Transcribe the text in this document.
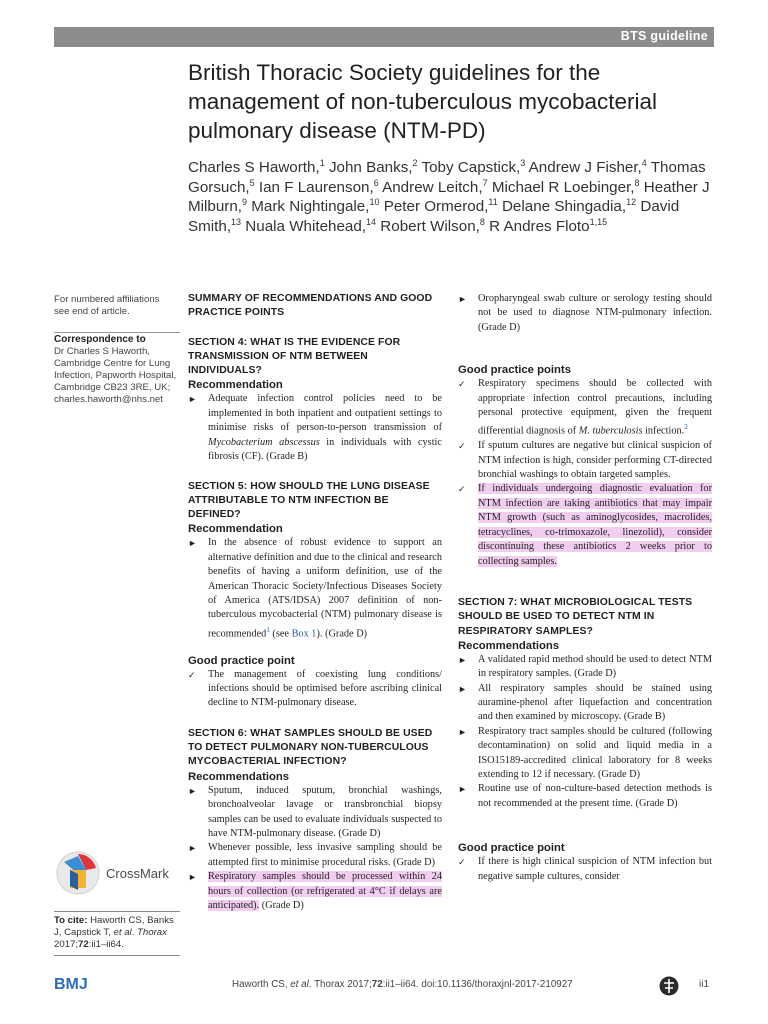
BTS guideline
British Thoracic Society guidelines for the management of non-tuberculous mycobacterial pulmonary disease (NTM-PD)
Charles S Haworth,$^1$ John Banks,$^2$ Toby Capstick,$^3$ Andrew J Fisher,$^4$ Thomas Gorsuch,$^5$ Ian F Laurenson,$^6$ Andrew Leitch,$^7$ Michael R Loebinger,$^8$ Heather J Milburn,$^9$ Mark Nightingale,$^{10}$ Peter Ormerod,$^{11}$ Delane Shingadia,$^{12}$ David Smith,$^{13}$ Nuala Whitehead,$^{14}$ Robert Wilson,$^8$ R Andres Floto$^{1,15}$
For numbered affiliations see end of article.
Correspondence to
Dr Charles S Haworth,
Cambridge Centre for Lung
Infection, Papworth Hospital,
Cambridge CB23 3RE, UK;
charles.haworth@nhs.net
SUMMARY OF RECOMMENDATIONS AND GOOD PRACTICE POINTS
SECTION 4: WHAT IS THE EVIDENCE FOR TRANSMISSION OF NTM BETWEEN INDIVIDUALS?
Recommendation
► Adequate infection control policies need to be implemented in both inpatient and outpatient settings to minimise risks of person-to-person transmission of Mycobacterium abscessus in individuals with cystic fibrosis (CF). (Grade B)
SECTION 5: HOW SHOULD THE LUNG DISEASE ATTRIBUTABLE TO NTM INFECTION BE DEFINED?
Recommendation
► In the absence of robust evidence to support an alternative definition and due to the clinical and research benefits of having a uniform definition, use of the American Thoracic Society/Infectious Diseases Society of America (ATS/IDSA) 2007 definition of non-tuberculous mycobacterial (NTM) pulmonary disease is recommended$^1$ (see Box 1). (Grade D)
Good practice point
✓ The management of coexisting lung conditions/ infections should be optimised before ascribing clinical decline to NTM-pulmonary disease.
SECTION 6: WHAT SAMPLES SHOULD BE USED TO DETECT PULMONARY NON-TUBERCULOUS MYCOBACTERIAL INFECTION?
Recommendations
► Sputum, induced sputum, bronchial washings, bronchoalveolar lavage or transbronchial biopsy samples can be used to evaluate individuals suspected to have NTM-pulmonary disease. (Grade D)
► Whenever possible, less invasive sampling should be attempted first to minimise procedural risks. (Grade D)
► Respiratory samples should be processed within 24 hours of collection (or refrigerated at 4°C if delays are anticipated). (Grade D)
► Oropharyngeal swab culture or serology testing should not be used to diagnose NTM-pulmonary infection. (Grade D)
Good practice points
✓ Respiratory specimens should be collected with appropriate infection control precautions, including personal protective equipment, given the frequent differential diagnosis of M. tuberculosis infection.$^2$
✓ If sputum cultures are negative but clinical suspicion of NTM infection is high, consider performing CT-directed bronchial washings to obtain targeted samples.
✓ If individuals undergoing diagnostic evaluation for NTM infection are taking antibiotics that may impair NTM growth (such as aminoglycosides, macrolides, tetracyclines, co-trimoxazole, linezolid), consider discontinuing these antibiotics 2 weeks prior to collecting samples.
SECTION 7: WHAT MICROBIOLOGICAL TESTS SHOULD BE USED TO DETECT NTM IN RESPIRATORY SAMPLES?
Recommendations
► A validated rapid method should be used to detect NTM in respiratory samples. (Grade D)
► All respiratory samples should be stained using auramine-phenol after liquefaction and concentration and then examined by microscopy. (Grade B)
► Respiratory tract samples should be cultured (following decontamination) on solid and liquid media in a ISO15189-accredited clinical laboratory for 8 weeks extending to 12 if necessary. (Grade D)
► Routine use of non-culture-based detection methods is not recommended at the present time. (Grade D)
Good practice point
✓ If there is high clinical suspicion of NTM infection but negative sample cultures, consider
CrossMark
To cite: Haworth CS, Banks J, Capstick T, et al. Thorax 2017;72:ii1–ii64.
BMJ	Haworth CS, et al. Thorax 2017;72:ii1–ii64. doi:10.1136/thoraxjnl-2017-210927	ii1
